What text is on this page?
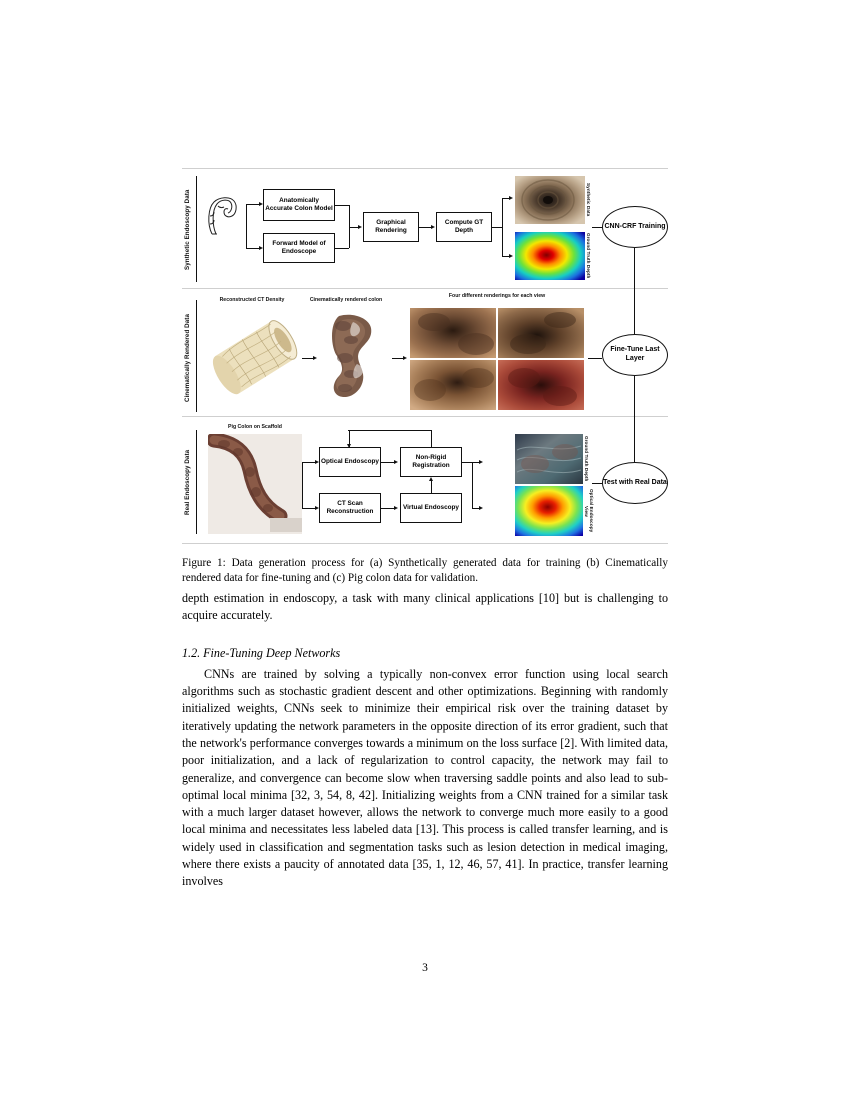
Synthetic Endoscopy Data	Anatomically Accurate Colon Model
Forward Model of Endoscope
Graphical Rendering
Compute GT Depth
Synthetic Data
Ground Truth Depth
Cinematically Rendered Data
Reconstructed CT Density	Cinematically rendered colon
Four different renderings for each view
Real Endoscopy Data
Pig Colon on Scaffold
Optical Endoscopy
CT Scan Reconstruction
Non-Rigid Registration
Virtual Endoscopy
Ground Truth Depth
Optical Endoscopy View
CNN-CRF Training
Fine-Tune Last Layer
Test with Real Data
Figure 1: Data generation process for (a) Synthetically generated data for training (b) Cinematically rendered data for fine-tuning and (c) Pig colon data for validation.

depth estimation in endoscopy, a task with many clinical applications [10] but is challenging to acquire accurately.

1.2. Fine-Tuning Deep Networks

CNNs are trained by solving a typically non-convex error function using local search algorithms such as stochastic gradient descent and other optimizations. Beginning with randomly initialized weights, CNNs seek to minimize their empirical risk over the training dataset by iteratively updating the network parameters in the opposite direction of its error gradient, such that the network's performance converges towards a minimum on the loss surface [2]. With limited data, poor initialization, and a lack of regularization to control capacity, the network may fail to generalize, and convergence can become slow when traversing saddle points and also lead to sub-optimal local minima [32, 3, 54, 8, 42]. Initializing weights from a CNN trained for a similar task with a much larger dataset however, allows the network to converge much more easily to a good local minima and necessitates less labeled data [13]. This process is called transfer learning, and is widely used in classification and segmentation tasks such as lesion detection in medical imaging, where there exists a paucity of annotated data [35, 1, 12, 46, 57, 41]. In practice, transfer learning involves

3
